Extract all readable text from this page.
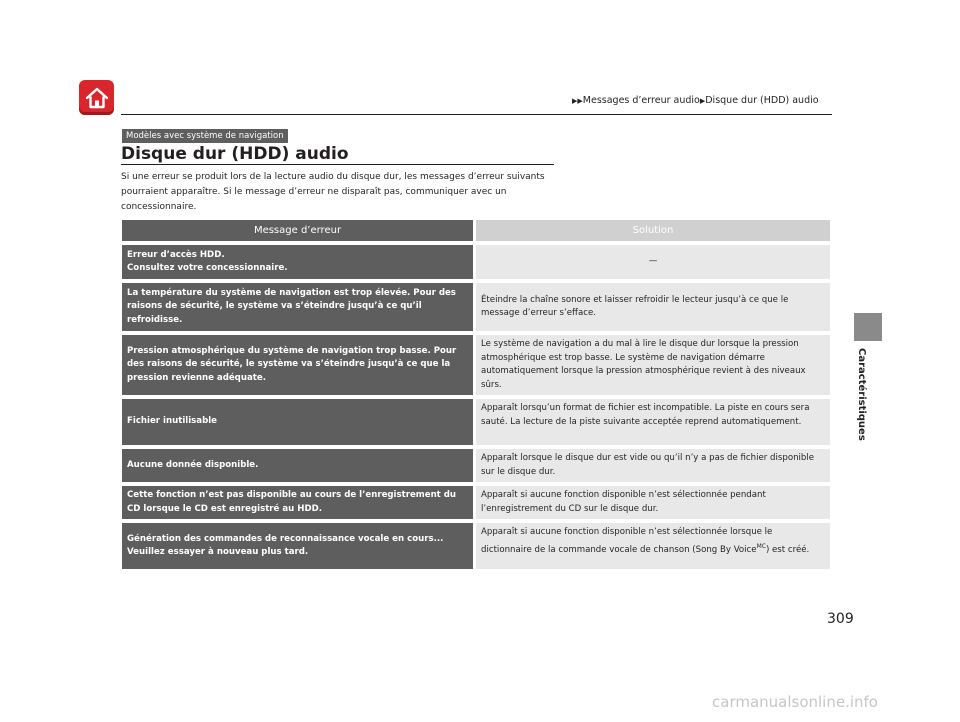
▶▶Messages d’erreur audio▶Disque dur (HDD) audio
Caractéristiques
Modèles avec système de navigation
Disque dur (HDD) audio

Si une erreur se produit lors de la lecture audio du disque dur, les messages d’erreur suivants pourraient apparaître. Si le message d’erreur ne disparaît pas, communiquer avec un concessionnaire.

Message d’erreur	Solution
Erreur d’accès HDD.
Consultez votre concessionnaire.	—
La température du système de navigation est trop élevée. Pour des raisons de sécurité, le système va s’éteindre jusqu’à ce qu’il refroidisse.	Éteindre la chaîne sonore et laisser refroidir le lecteur jusqu’à ce que le message d’erreur s’efface.
Pression atmosphérique du système de navigation trop basse. Pour des raisons de sécurité, le système va s’éteindre jusqu’à ce que la pression revienne adéquate.	Le système de navigation a du mal à lire le disque dur lorsque la pression atmosphérique est trop basse. Le système de navigation démarre automatiquement lorsque la pression atmosphérique revient à des niveaux sûrs.
Fichier inutilisable	Apparaît lorsqu’un format de fichier est incompatible. La piste en cours sera sauté. La lecture de la piste suivante acceptée reprend automatiquement.
Aucune donnée disponible.	Apparaît lorsque le disque dur est vide ou qu’il n’y a pas de fichier disponible sur le disque dur.
Cette fonction n’est pas disponible au cours de l’enregistrement du CD lorsque le CD est enregistré au HDD.	Apparaît si aucune fonction disponible n’est sélectionnée pendant l’enregistrement du CD sur le disque dur.
Génération des commandes de reconnaissance vocale en cours...
Veuillez essayer à nouveau plus tard.	Apparaît si aucune fonction disponible n’est sélectionnée lorsque le dictionnaire de la commande vocale de chanson (Song By Voice$^{MC}$) est créé.
309
carmanualsonline.info
